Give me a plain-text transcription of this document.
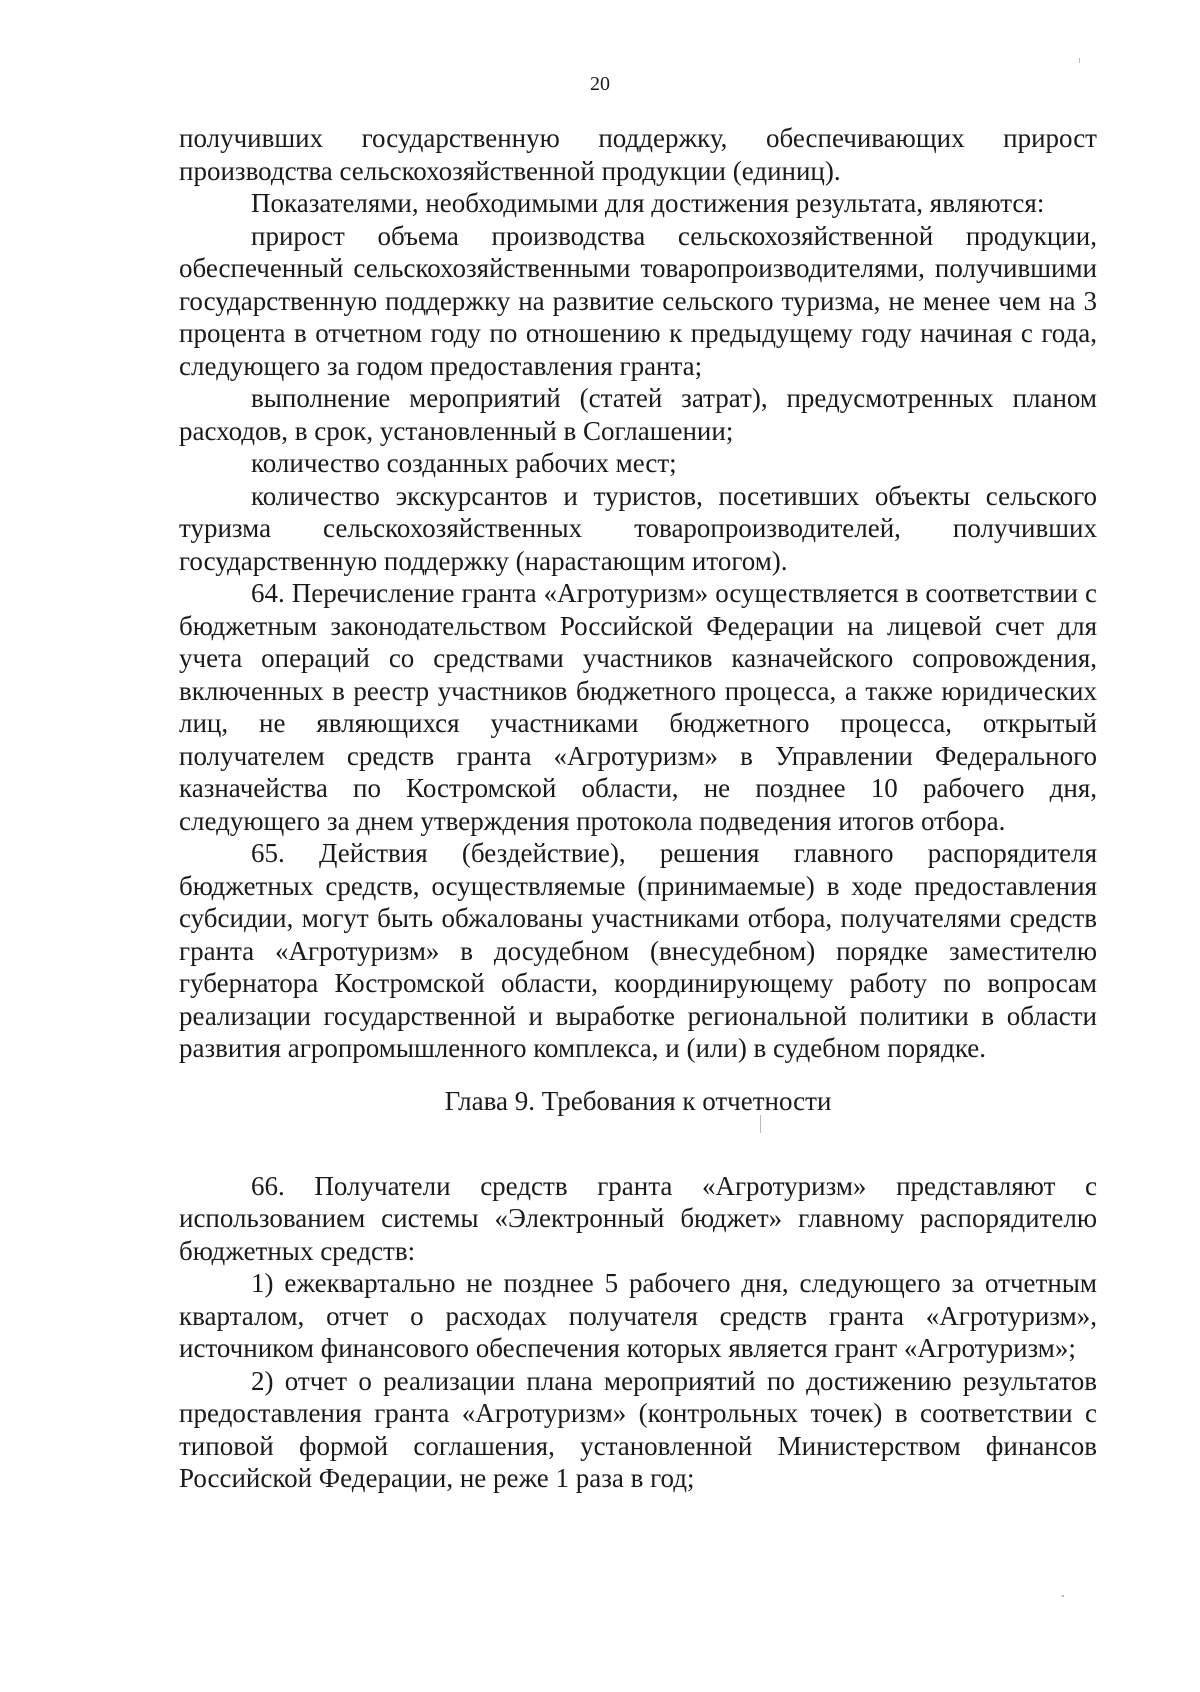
20

получивших государственную поддержку, обеспечивающих прирост производства сельскохозяйственной продукции (единиц).

Показателями, необходимыми для достижения результата, являются:

прирост объема производства сельскохозяйственной продукции, обеспеченный сельскохозяйственными товаропроизводителями, получившими государственную поддержку на развитие сельского туризма, не менее чем на 3 процента в отчетном году по отношению к предыдущему году начиная с года, следующего за годом предоставления гранта;

выполнение мероприятий (статей затрат), предусмотренных планом расходов, в срок, установленный в Соглашении;

количество созданных рабочих мест;

количество экскурсантов и туристов, посетивших объекты сельского туризма сельскохозяйственных товаропроизводителей, получивших государственную поддержку (нарастающим итогом).

64. Перечисление гранта «Агротуризм» осуществляется в соответствии с бюджетным законодательством Российской Федерации на лицевой счет для учета операций со средствами участников казначейского сопровождения, включенных в реестр участников бюджетного процесса, а также юридических лиц, не являющихся участниками бюджетного процесса, открытый получателем средств гранта «Агротуризм» в Управлении Федерального казначейства по Костромской области, не позднее 10 рабочего дня, следующего за днем утверждения протокола подведения итогов отбора.

65. Действия (бездействие), решения главного распорядителя бюджетных средств, осуществляемые (принимаемые) в ходе предоставления субсидии, могут быть обжалованы участниками отбора, получателями средств гранта «Агротуризм» в досудебном (внесудебном) порядке заместителю губернатора Костромской области, координирующему работу по вопросам реализации государственной и выработке региональной политики в области развития агропромышленного комплекса, и (или) в судебном порядке.

Глава 9. Требования к отчетности

66. Получатели средств гранта «Агротуризм» представляют с использованием системы «Электронный бюджет» главному распорядителю бюджетных средств:

1) ежеквартально не позднее 5 рабочего дня, следующего за отчетным кварталом, отчет о расходах получателя средств гранта «Агротуризм», источником финансового обеспечения которых является грант «Агротуризм»;

2) отчет о реализации плана мероприятий по достижению результатов предоставления гранта «Агротуризм» (контрольных точек) в соответствии с типовой формой соглашения, установленной Министерством финансов Российской Федерации, не реже 1 раза в год;
